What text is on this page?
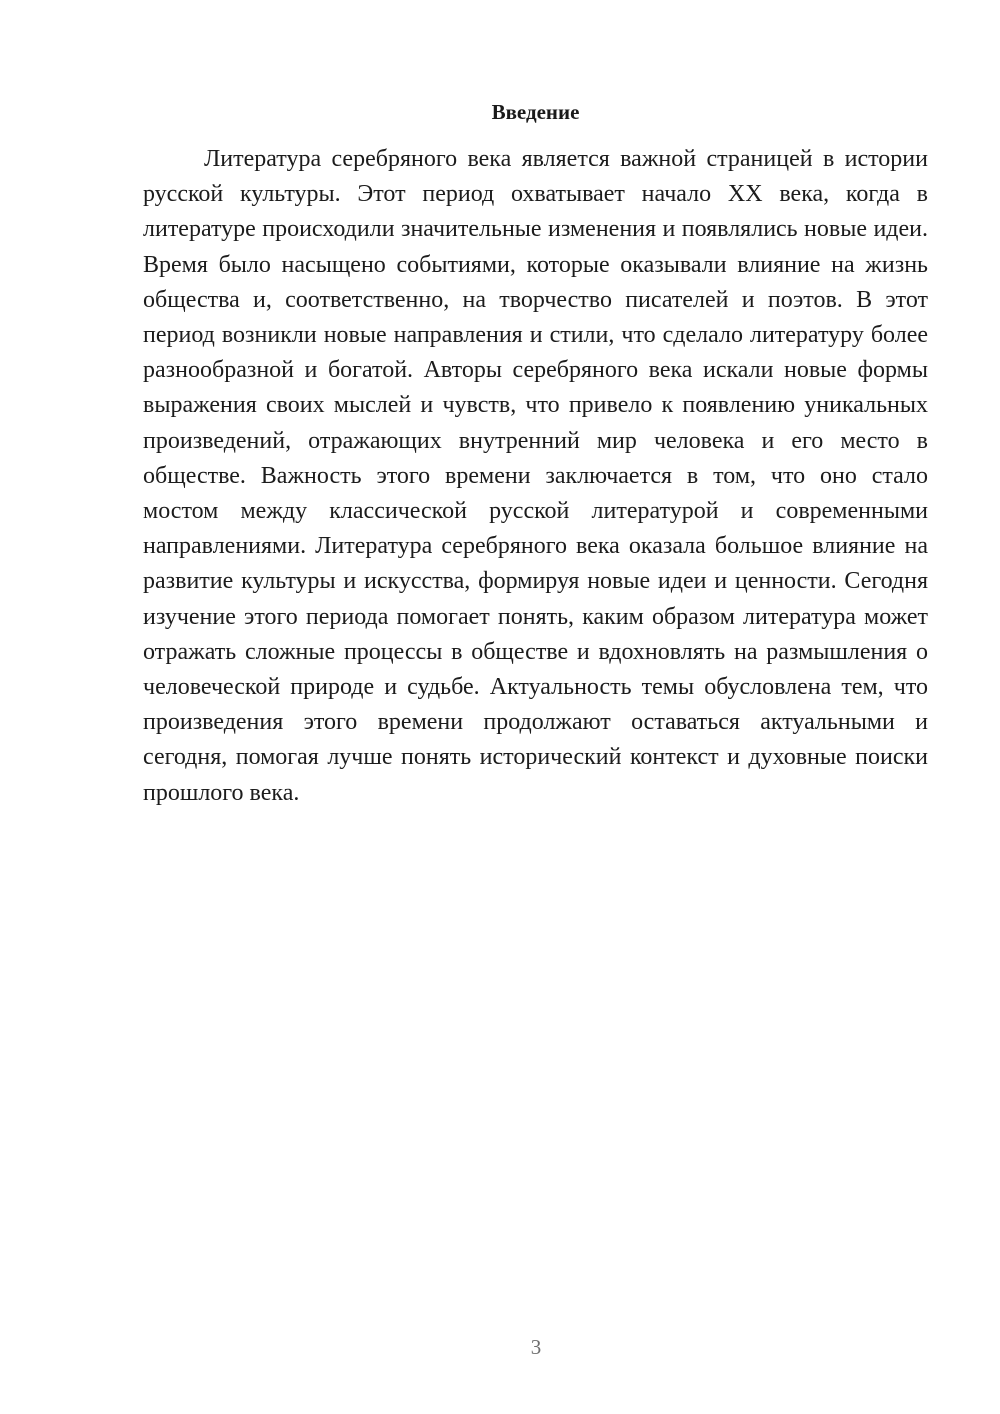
Введение

Литература серебряного века является важной страницей в истории русской культуры. Этот период охватывает начало XX века, когда в литературе происходили значительные изменения и появлялись новые идеи. Время было насыщено событиями, которые оказывали влияние на жизнь общества и, соответственно, на творчество писателей и поэтов. В этот период возникли новые направления и стили, что сделало литературу более разнообразной и богатой. Авторы серебряного века искали новые формы выражения своих мыслей и чувств, что привело к появлению уникальных произведений, отражающих внутренний мир человека и его место в обществе. Важность этого времени заключается в том, что оно стало мостом между классической русской литературой и современными направлениями. Литература серебряного века оказала большое влияние на развитие культуры и искусства, формируя новые идеи и ценности. Сегодня изучение этого периода помогает понять, каким образом литература может отражать сложные процессы в обществе и вдохновлять на размышления о человеческой природе и судьбе. Актуальность темы обусловлена тем, что произведения этого времени продолжают оставаться актуальными и сегодня, помогая лучше понять исторический контекст и духовные поиски прошлого века.

3
